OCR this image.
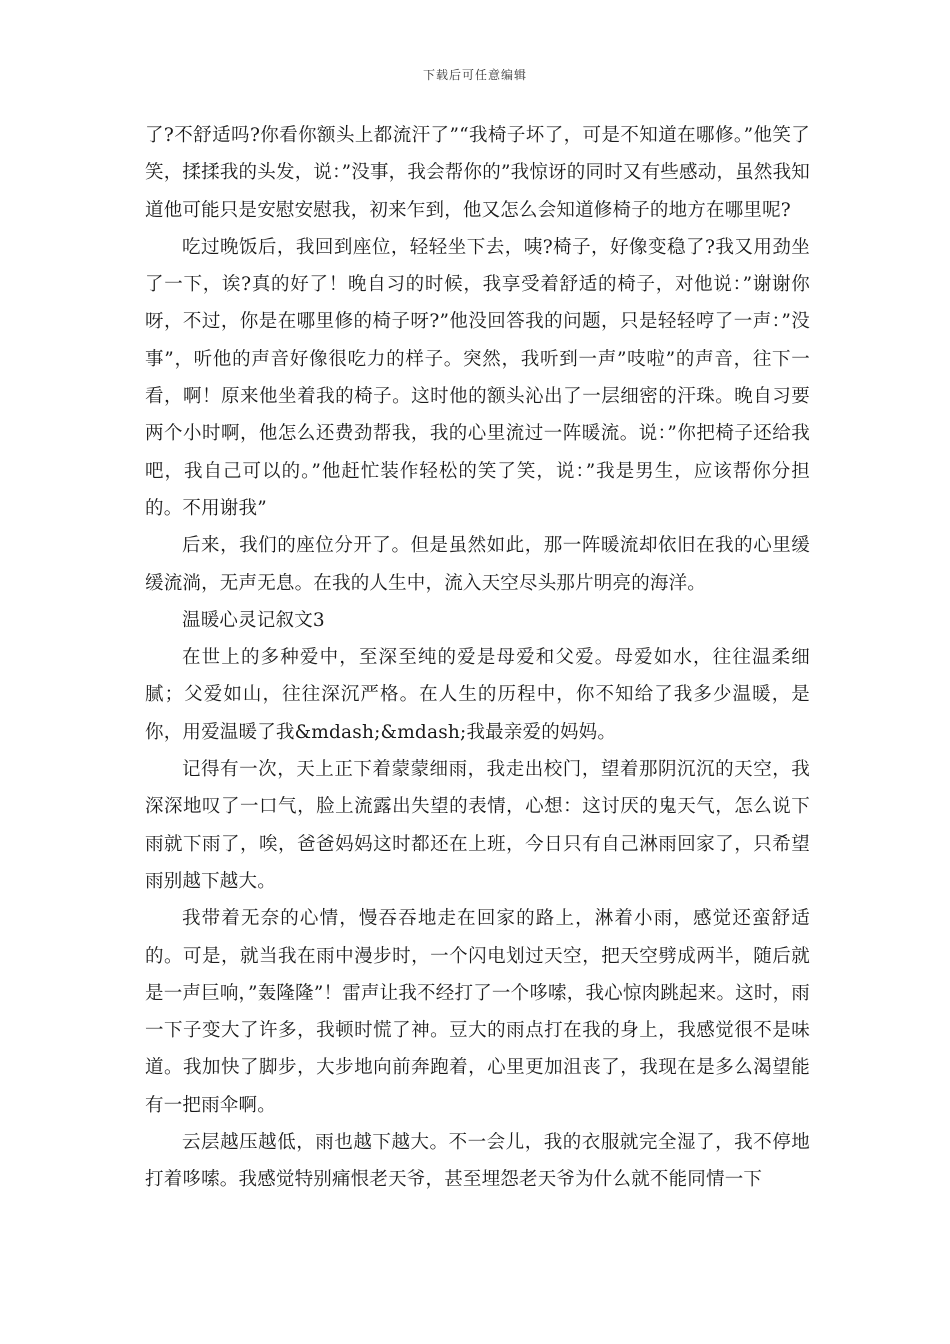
下载后可任意编辑

了?不舒适吗?你看你额头上都流汗了”“我椅子坏了，可是不知道在哪修。”他笑了笑，揉揉我的头发，说：”没事，我会帮你的”我惊讶的同时又有些感动，虽然我知道他可能只是安慰安慰我，初来乍到，他又怎么会知道修椅子的地方在哪里呢?

吃过晚饭后，我回到座位，轻轻坐下去，咦?椅子，好像变稳了?我又用劲坐了一下，诶?真的好了！晚自习的时候，我享受着舒适的椅子，对他说：”谢谢你呀，不过，你是在哪里修的椅子呀?”他没回答我的问题，只是轻轻哼了一声：”没事”，听他的声音好像很吃力的样子。突然，我听到一声”吱啦”的声音，往下一看，啊！原来他坐着我的椅子。这时他的额头沁出了一层细密的汗珠。晚自习要两个小时啊，他怎么还费劲帮我，我的心里流过一阵暖流。说：”你把椅子还给我吧，我自己可以的。”他赶忙装作轻松的笑了笑，说：”我是男生，应该帮你分担的。不用谢我”

后来，我们的座位分开了。但是虽然如此，那一阵暖流却依旧在我的心里缓缓流淌，无声无息。在我的人生中，流入天空尽头那片明亮的海洋。

温暖心灵记叙文3

在世上的多种爱中，至深至纯的爱是母爱和父爱。母爱如水，往往温柔细腻；父爱如山，往往深沉严格。在人生的历程中，你不知给了我多少温暖，是你，用爱温暖了我&mdash;&mdash;我最亲爱的妈妈。

记得有一次，天上正下着蒙蒙细雨，我走出校门，望着那阴沉沉的天空，我深深地叹了一口气，脸上流露出失望的表情，心想：这讨厌的鬼天气，怎么说下雨就下雨了，唉，爸爸妈妈这时都还在上班，今日只有自己淋雨回家了，只希望雨别越下越大。

我带着无奈的心情，慢吞吞地走在回家的路上，淋着小雨，感觉还蛮舒适的。可是，就当我在雨中漫步时，一个闪电划过天空，把天空劈成两半，随后就是一声巨响，”轰隆隆”！雷声让我不经打了一个哆嗦，我心惊肉跳起来。这时，雨一下子变大了许多，我顿时慌了神。豆大的雨点打在我的身上，我感觉很不是味道。我加快了脚步，大步地向前奔跑着，心里更加沮丧了，我现在是多么渴望能有一把雨伞啊。

云层越压越低，雨也越下越大。不一会儿，我的衣服就完全湿了，我不停地打着哆嗦。我感觉特别痛恨老天爷，甚至埋怨老天爷为什么就不能同情一下
